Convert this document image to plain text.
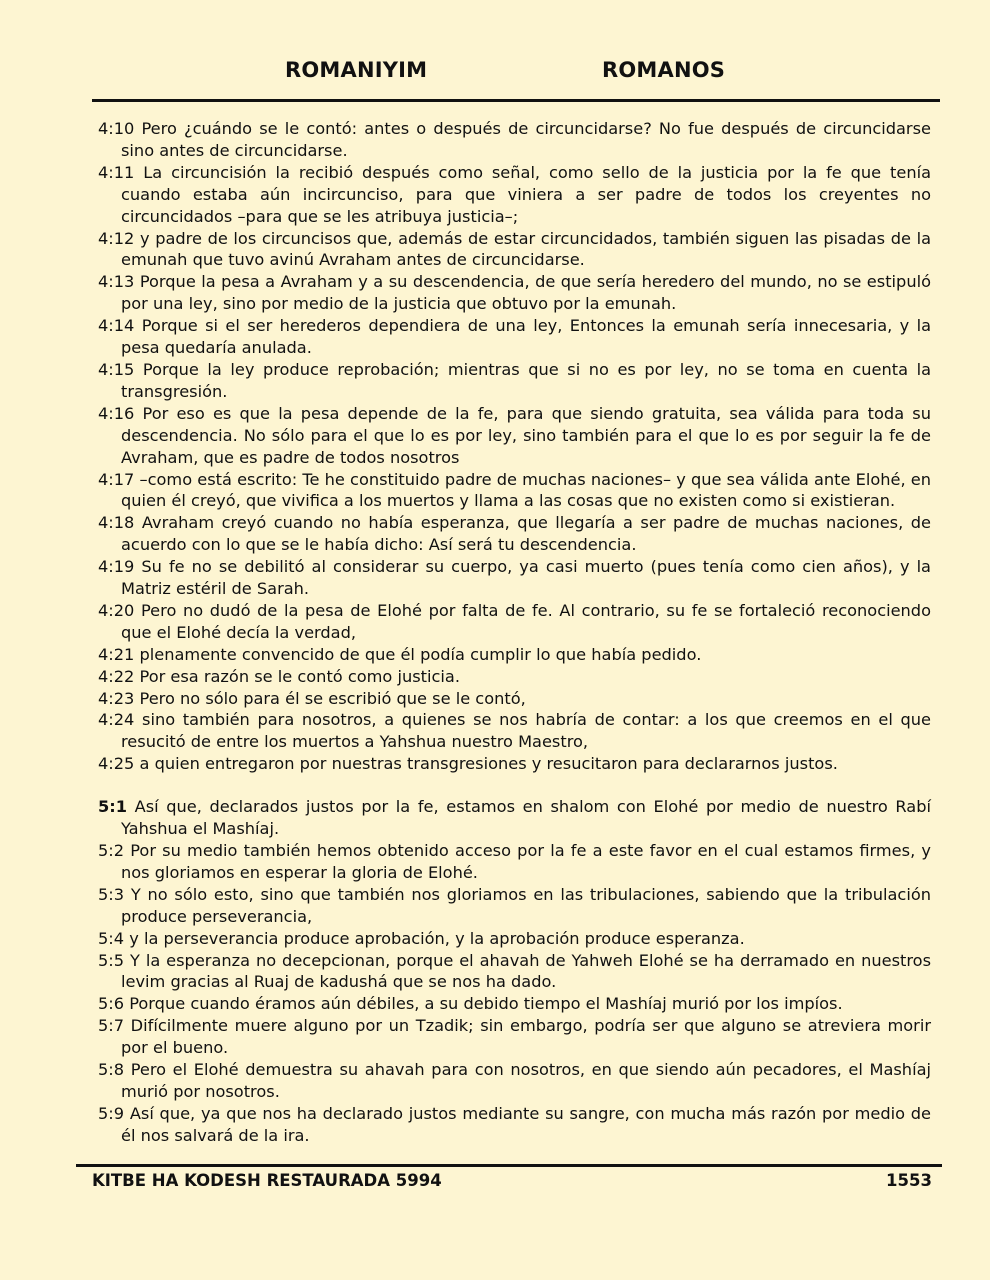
ROMANIYIM	ROMANOS

4:10 Pero ¿cuándo se le contó: antes o después de circuncidarse? No fue después de circuncidarse sino antes de circuncidarse.

4:11 La circuncisión la recibió después como señal, como sello de la justicia por la fe que tenía cuando estaba aún incircunciso, para que viniera a ser padre de todos los creyentes no circuncidados –para que se les atribuya justicia–;

4:12 y padre de los circuncisos que, además de estar circuncidados, también siguen las pisadas de la emunah que tuvo avinú Avraham antes de circuncidarse.

4:13 Porque la pesa a Avraham y a su descendencia, de que sería heredero del mundo, no se estipuló por una ley, sino por medio de la justicia que obtuvo por la emunah.

4:14 Porque si el ser herederos dependiera de una ley, Entonces la emunah sería innecesaria, y la pesa quedaría anulada.

4:15 Porque la ley produce reprobación; mientras que si no es por ley, no se toma en cuenta la transgresión.

4:16 Por eso es que la pesa depende de la fe, para que siendo gratuita, sea válida para toda su descendencia. No sólo para el que lo es por ley, sino también para el que lo es por seguir la fe de Avraham, que es padre de todos nosotros

4:17 –como está escrito: Te he constituido padre de muchas naciones– y que sea válida ante Elohé, en quien él creyó, que vivifica a los muertos y llama a las cosas que no existen como si existieran.

4:18 Avraham creyó cuando no había esperanza, que llegaría a ser padre de muchas naciones, de acuerdo con lo que se le había dicho: Así será tu descendencia.

4:19 Su fe no se debilitó al considerar su cuerpo, ya casi muerto (pues tenía como cien años), y la Matriz estéril de Sarah.

4:20 Pero no dudó de la pesa de Elohé por falta de fe. Al contrario, su fe se fortaleció reconociendo que el Elohé decía la verdad,

4:21 plenamente convencido de que él podía cumplir lo que había pedido.

4:22 Por esa razón se le contó como justicia.

4:23 Pero no sólo para él se escribió que se le contó,

4:24 sino también para nosotros, a quienes se nos habría de contar: a los que creemos en el que resucitó de entre los muertos a Yahshua nuestro Maestro,

4:25 a quien entregaron por nuestras transgresiones y resucitaron para declararnos justos.

5:1 Así que, declarados justos por la fe, estamos en shalom con Elohé por medio de nuestro Rabí Yahshua el Mashíaj.

5:2 Por su medio también hemos obtenido acceso por la fe a este favor en el cual estamos firmes, y nos gloriamos en esperar la gloria de Elohé.

5:3 Y no sólo esto, sino que también nos gloriamos en las tribulaciones, sabiendo que la tribulación produce perseverancia,

5:4 y la perseverancia produce aprobación, y la aprobación produce esperanza.

5:5 Y la esperanza no decepcionan, porque el ahavah de Yahweh Elohé se ha derramado en nuestros levim gracias al Ruaj de kadushá que se nos ha dado.

5:6 Porque cuando éramos aún débiles, a su debido tiempo el Mashíaj murió por los impíos.

5:7 Difícilmente muere alguno por un Tzadik; sin embargo, podría ser que alguno se atreviera morir por el bueno.

5:8 Pero el Elohé demuestra su ahavah para con nosotros, en que siendo aún pecadores, el Mashíaj murió por nosotros.

5:9 Así que, ya que nos ha declarado justos mediante su sangre, con mucha más razón por medio de él nos salvará de la ira.

KITBE HA KODESH RESTAURADA 5994	1553
